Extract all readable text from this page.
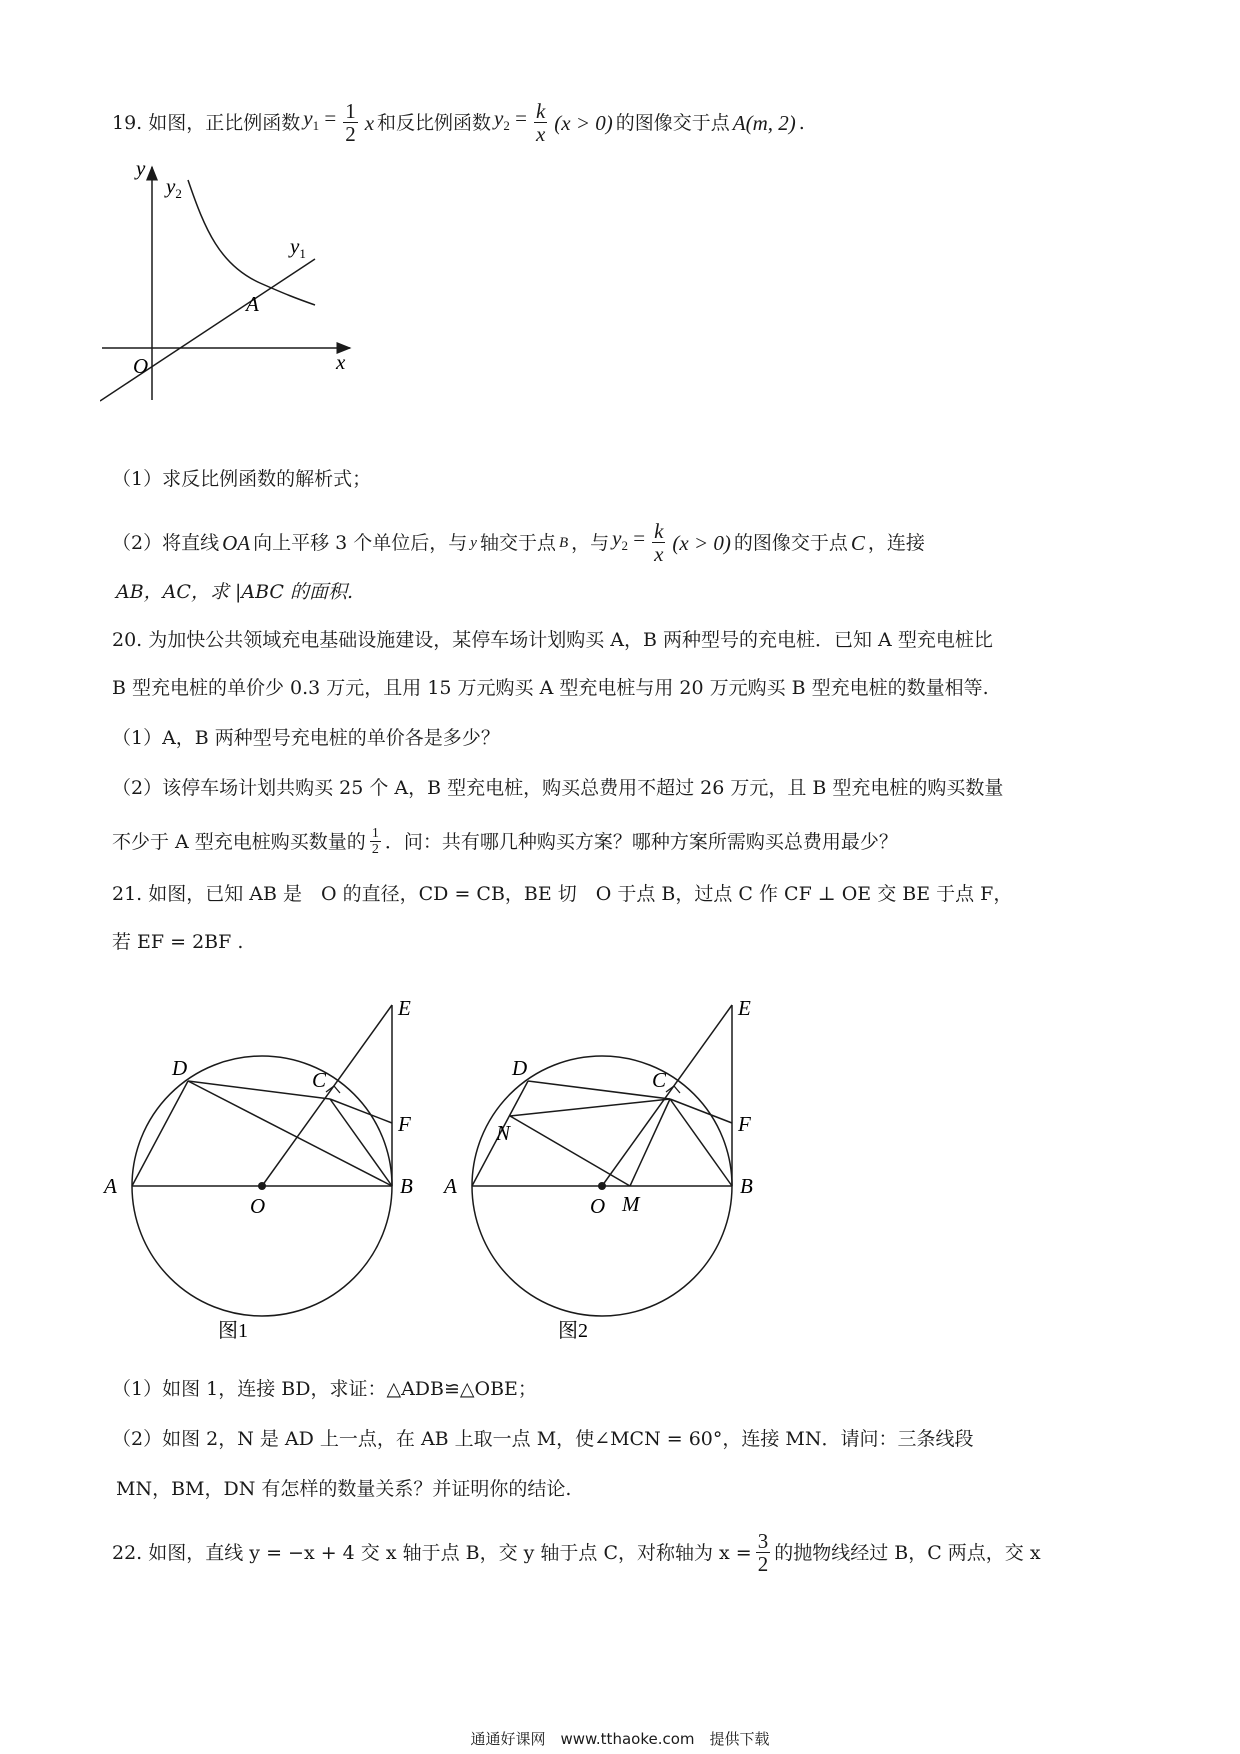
19. 如图，正比例函数 $y_1 = \frac{1}{2}$ x 和反比例函数 $y_2 = \frac{k}{x} (x > 0)$ 的图像交于点 A(m, 2) .
y
x
O
A
$y_1$
$y_2$
（1）求反比例函数的解析式；
（2）将直线 OA 向上平移 3 个单位后，与 y 轴交于点 B ，与 $y_2 = \frac{k}{x} (x > 0)$ 的图像交于点 C ，连接
AB，AC，求 |ABC 的面积.
20. 为加快公共领域充电基础设施建设，某停车场计划购买 A，B 两种型号的充电桩．已知 A 型充电桩比
B 型充电桩的单价少 0.3 万元，且用 15 万元购买 A 型充电桩与用 20 万元购买 B 型充电桩的数量相等.
（1）A，B 两种型号充电桩的单价各是多少？
（2）该停车场计划共购买 25 个 A，B 型充电桩，购买总费用不超过 26 万元，且 B 型充电桩的购买数量
不少于 A 型充电桩购买数量的 $\frac{1}{2}$ ．问：共有哪几种购买方案？哪种方案所需购买总费用最少？
21. 如图，已知 AB 是　O 的直径，CD = CB，BE 切　O 于点 B，过点 C 作 CF ⊥ OE 交 BE 于点 F，
若 EF = 2BF .
A	B
C
D
E
F
O
图1
A	B
C
D
E
F
O M
N
图2
（1）如图 1，连接 BD，求证：△ADB≌△OBE；
（2）如图 2，N 是 AD 上一点，在 AB 上取一点 M，使∠MCN = 60°，连接 MN．请问：三条线段
MN，BM，DN 有怎样的数量关系？并证明你的结论.
22. 如图，直线 y = −x + 4 交 x 轴于点 B，交 y 轴于点 C，对称轴为 $x = \frac{3}{2}$ 的抛物线经过 B，C 两点，交 x
通通好课网　www.tthaoke.com　提供下载
